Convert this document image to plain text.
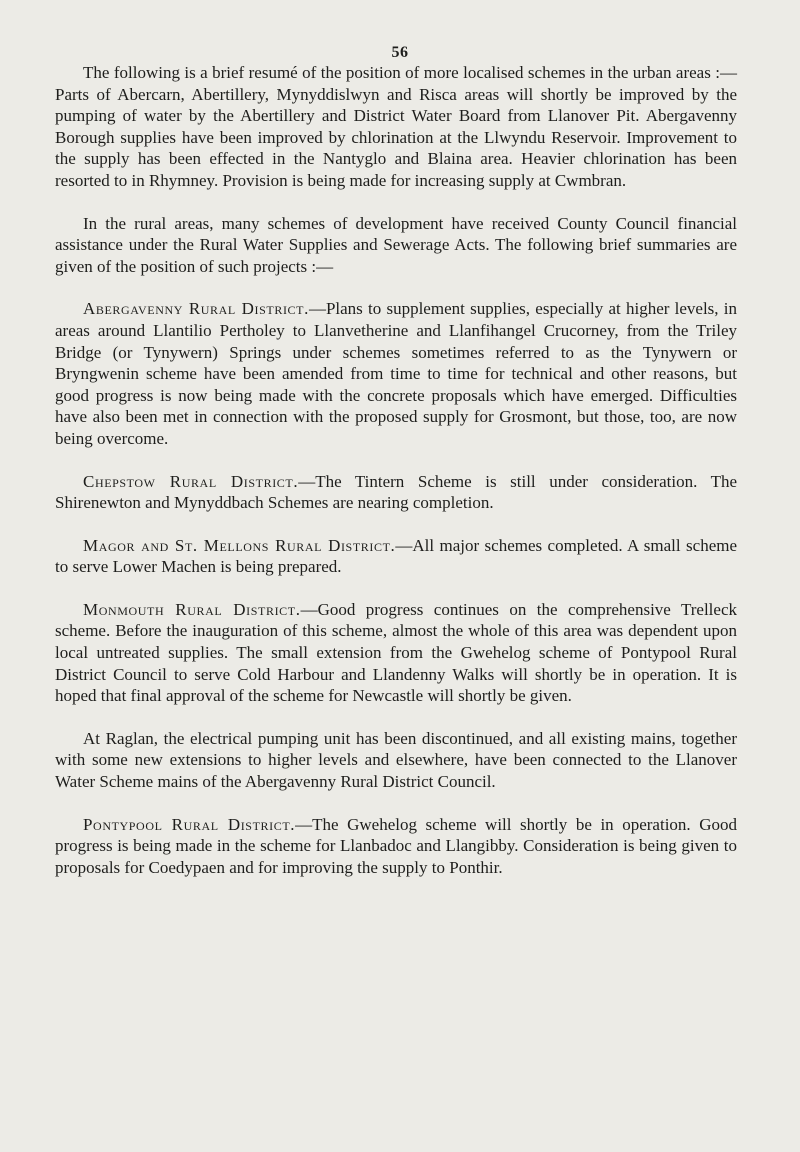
56

The following is a brief resumé of the position of more localised schemes in the urban areas :—Parts of Abercarn, Abertillery, Mynyddislwyn and Risca areas will shortly be improved by the pumping of water by the Abertillery and District Water Board from Llanover Pit. Abergavenny Borough supplies have been improved by chlorination at the Llwyndu Reservoir. Improvement to the supply has been effected in the Nantyglo and Blaina area. Heavier chlorination has been resorted to in Rhymney. Provision is being made for increasing supply at Cwmbran.

In the rural areas, many schemes of development have received County Council financial assistance under the Rural Water Supplies and Sewerage Acts. The following brief summaries are given of the position of such projects :—

Abergavenny Rural District.—Plans to supplement supplies, especially at higher levels, in areas around Llantilio Pertholey to Llanvetherine and Llanfihangel Crucorney, from the Triley Bridge (or Tynywern) Springs under schemes sometimes referred to as the Tynywern or Bryngwenin scheme have been amended from time to time for technical and other reasons, but good progress is now being made with the concrete proposals which have emerged. Difficulties have also been met in connection with the proposed supply for Grosmont, but those, too, are now being overcome.

Chepstow Rural District.—The Tintern Scheme is still under consideration. The Shirenewton and Mynyddbach Schemes are nearing completion.

Magor and St. Mellons Rural District.—All major schemes completed. A small scheme to serve Lower Machen is being prepared.

Monmouth Rural District.—Good progress continues on the comprehensive Trelleck scheme. Before the inauguration of this scheme, almost the whole of this area was dependent upon local untreated supplies. The small extension from the Gwehelog scheme of Pontypool Rural District Council to serve Cold Harbour and Llandenny Walks will shortly be in operation. It is hoped that final approval of the scheme for Newcastle will shortly be given.

At Raglan, the electrical pumping unit has been discontinued, and all existing mains, together with some new extensions to higher levels and elsewhere, have been connected to the Llanover Water Scheme mains of the Abergavenny Rural District Council.

Pontypool Rural District.—The Gwehelog scheme will shortly be in operation. Good progress is being made in the scheme for Llanbadoc and Llangibby. Consideration is being given to proposals for Coedypaen and for improving the supply to Ponthir.
